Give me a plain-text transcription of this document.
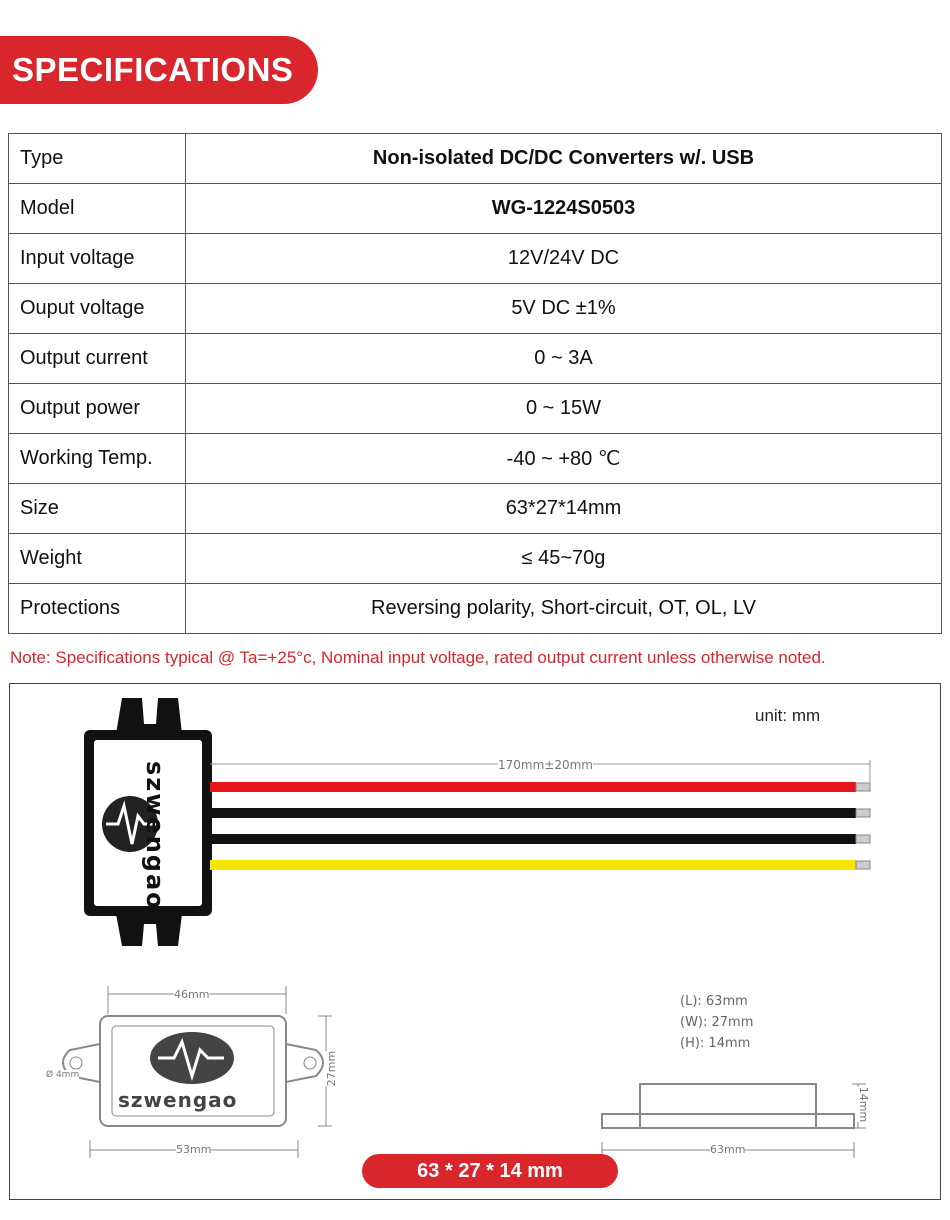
SPECIFICATIONS
Type	Non-isolated DC/DC Converters w/. USB
Model	WG-1224S0503
Input voltage	12V/24V DC
Ouput voltage	5V DC ±1%
Output current	0 ~ 3A
Output power	0 ~ 15W
Working Temp.	-40 ~ +80 ℃
Size	63*27*14mm
Weight	≤ 45~70g
Protections	Reversing polarity, Short-circuit, OT, OL, LV
Note: Specifications typical @ Ta=+25°c, Nominal input voltage, rated output current unless otherwise noted.
unit: mm
170mm±20mm
szwengao
46mm
szwengao
Ø 4mm	27mm
53mm	63mm
14mm
(L): 63mm
(W): 27mm
(H): 14mm
63 * 27 * 14 mm
